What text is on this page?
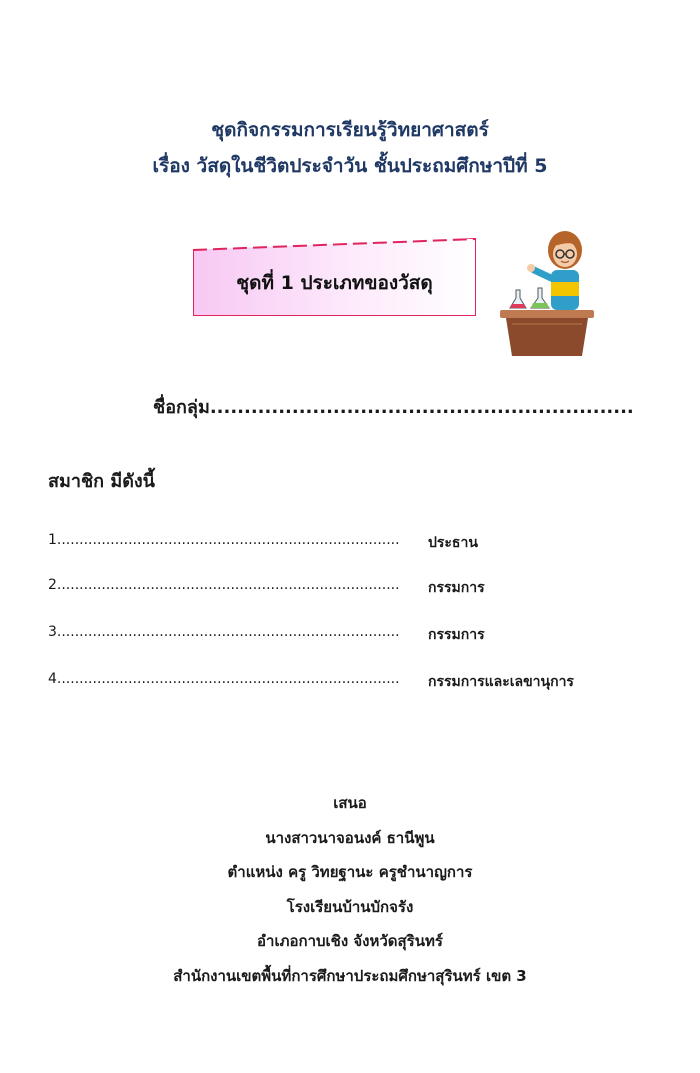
ชุดกิจกรรมการเรียนรู้วิทยาศาสตร์
เรื่อง วัสดุในชีวิตประจำวัน ชั้นประถมศึกษาปีที่ 5
ชุดที่ 1 ประเภทของวัสดุ
ชื่อกลุ่ม..............................................................
สมาชิก มีดังนี้
1............................................................................. ประธาน
2............................................................................. กรรมการ
3............................................................................. กรรมการ
4............................................................................. กรรมการและเลขานุการ
เสนอ
นางสาวนาจอนงค์ ธานีพูน
ตำแหน่ง ครู วิทยฐานะ ครูชำนาญการ
โรงเรียนบ้านบักจรัง
อำเภอกาบเชิง จังหวัดสุรินทร์
สำนักงานเขตพื้นที่การศึกษาประถมศึกษาสุรินทร์ เขต 3
